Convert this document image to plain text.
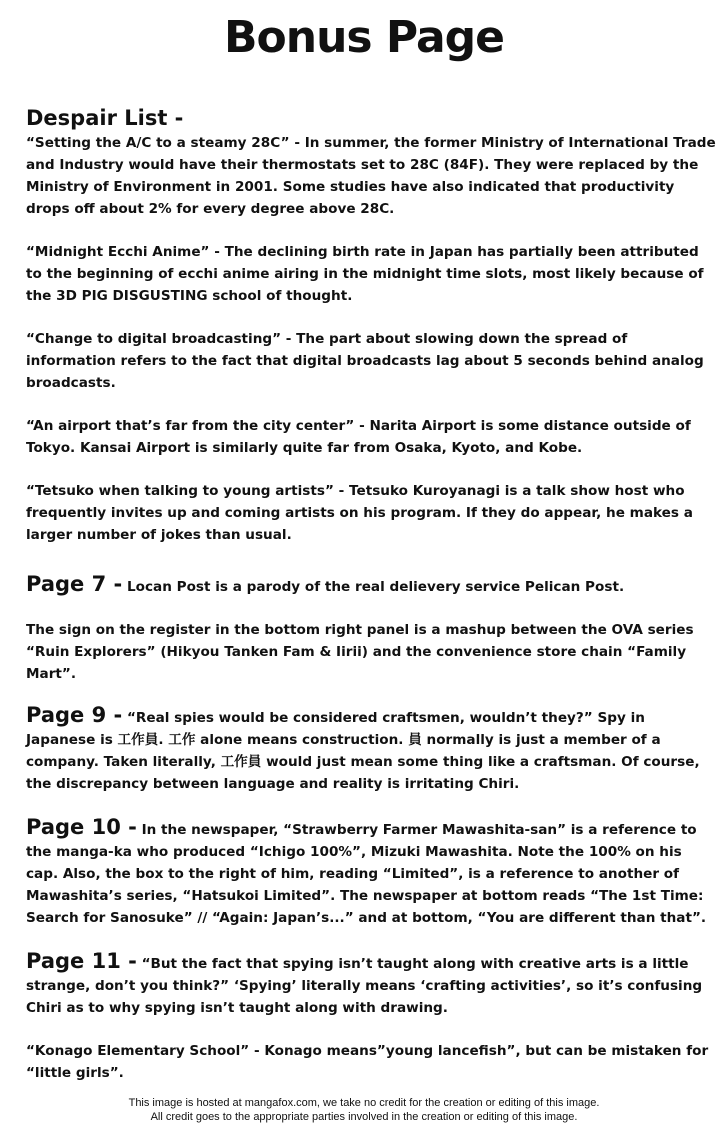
Bonus Page
Despair List -

“Setting the A/C to a steamy 28C” - In summer, the former Ministry of International Trade and Industry would have their thermostats set to 28C (84F). They were replaced by the Ministry of Environment in 2001. Some studies have also indicated that productivity drops off about 2% for every degree above 28C.

“Midnight Ecchi Anime” - The declining birth rate in Japan has partially been attributed to the beginning of ecchi anime airing in the midnight time slots, most likely because of the 3D PIG DISGUSTING school of thought.

“Change to digital broadcasting” - The part about slowing down the spread of information refers to the fact that digital broadcasts lag about 5 seconds behind analog broadcasts.

“An airport that’s far from the city center” - Narita Airport is some distance outside of Tokyo. Kansai Airport is similarly quite far from Osaka, Kyoto, and Kobe.

“Tetsuko when talking to young artists” - Tetsuko Kuroyanagi is a talk show host who frequently invites up and coming artists on his program. If they do appear, he makes a larger number of jokes than usual.

Page 7 - Locan Post is a parody of the real delievery service Pelican Post.

The sign on the register in the bottom right panel is a mashup between the OVA series “Ruin Explorers” (Hikyou Tanken Fam & Iirii) and the convenience store chain “Family Mart”.

Page 9 - “Real spies would be considered craftsmen, wouldn’t they?” Spy in Japanese is 工作員. 工作 alone means construction. 員 normally is just a member of a company. Taken literally, 工作員 would just mean some thing like a craftsman. Of course, the discrepancy between language and reality is irritating Chiri.

Page 10 - In the newspaper, “Strawberry Farmer Mawashita-san” is a reference to the manga-ka who produced “Ichigo 100%”, Mizuki Mawashita. Note the 100% on his cap. Also, the box to the right of him, reading “Limited”, is a reference to another of Mawashita’s series, “Hatsukoi Limited”. The newspaper at bottom reads “The 1st Time: Search for Sanosuke” // “Again: Japan’s...” and at bottom, “You are different than that”.

Page 11 - “But the fact that spying isn’t taught along with creative arts is a little strange, don’t you think?” ‘Spying’ literally means ‘crafting activities’, so it’s confusing Chiri as to why spying isn’t taught along with drawing.

“Konago Elementary School” - Konago means”young lancefish”, but can be mistaken for “little girls”.

This image is hosted at mangafox.com, we take no credit for the creation or editing of this image.
All credit goes to the appropriate parties involved in the creation or editing of this image.
